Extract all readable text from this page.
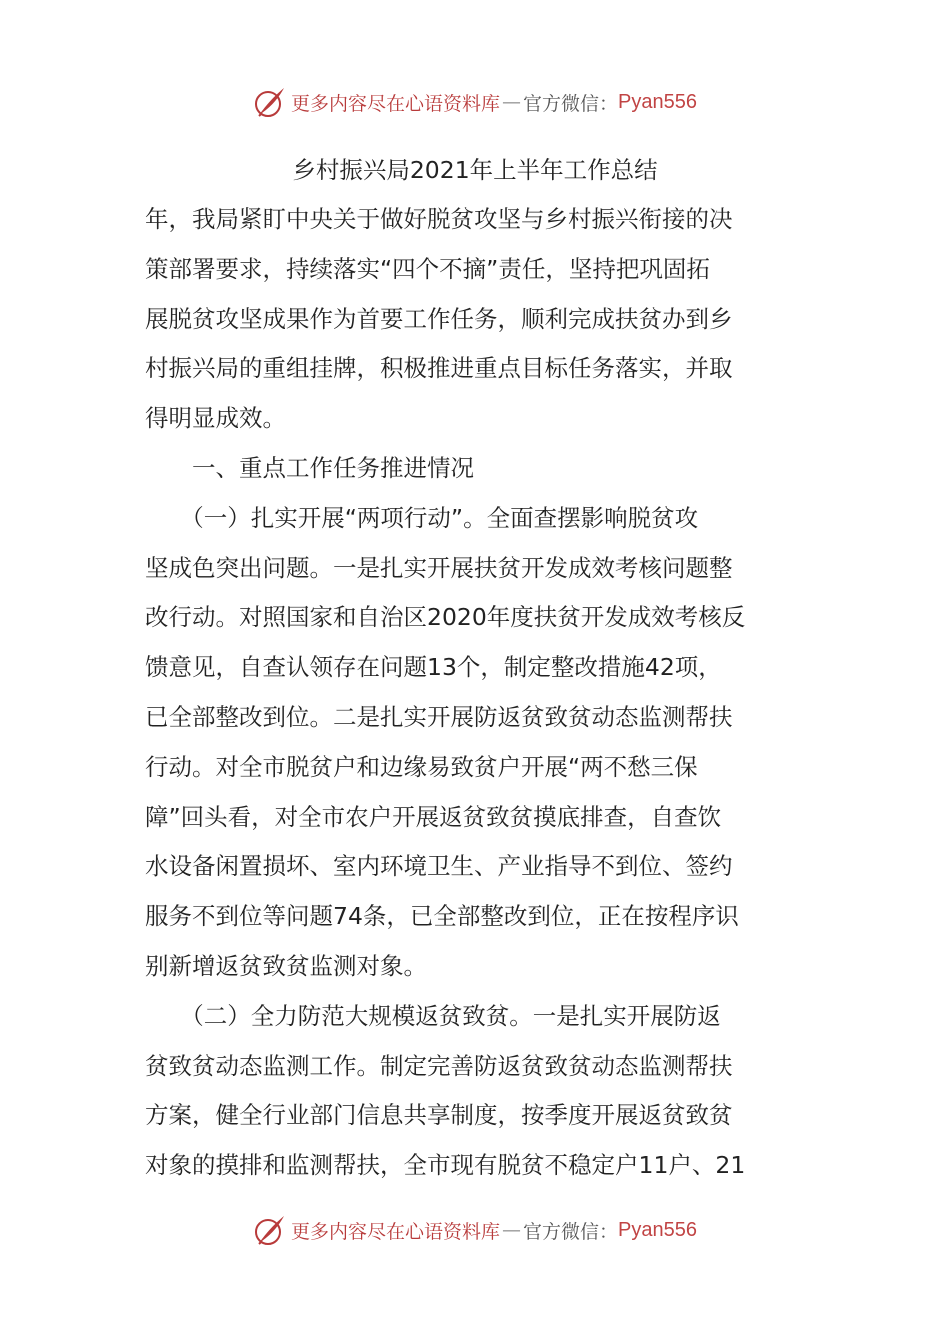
更多内容尽在心语资料库 — 官方微信： Pyan556
乡村振兴局2021年上半年工作总结
年，我局紧盯中央关于做好脱贫攻坚与乡村振兴衔接的决
策部署要求，持续落实“四个不摘”责任，坚持把巩固拓
展脱贫攻坚成果作为首要工作任务，顺利完成扶贫办到乡
村振兴局的重组挂牌，积极推进重点目标任务落实，并取
得明显成效。
　　一、重点工作任务推进情况
　　（一）扎实开展“两项行动”。全面查摆影响脱贫攻
坚成色突出问题。一是扎实开展扶贫开发成效考核问题整
改行动。对照国家和自治区2020年度扶贫开发成效考核反
馈意见，自查认领存在问题13个，制定整改措施42项，
已全部整改到位。二是扎实开展防返贫致贫动态监测帮扶
行动。对全市脱贫户和边缘易致贫户开展“两不愁三保
障”回头看，对全市农户开展返贫致贫摸底排查，自查饮
水设备闲置损坏、室内环境卫生、产业指导不到位、签约
服务不到位等问题74条，已全部整改到位，正在按程序识
别新增返贫致贫监测对象。
　　（二）全力防范大规模返贫致贫。一是扎实开展防返
贫致贫动态监测工作。制定完善防返贫致贫动态监测帮扶
方案，健全行业部门信息共享制度，按季度开展返贫致贫
对象的摸排和监测帮扶，全市现有脱贫不稳定户11户、21
更多内容尽在心语资料库 — 官方微信： Pyan556
